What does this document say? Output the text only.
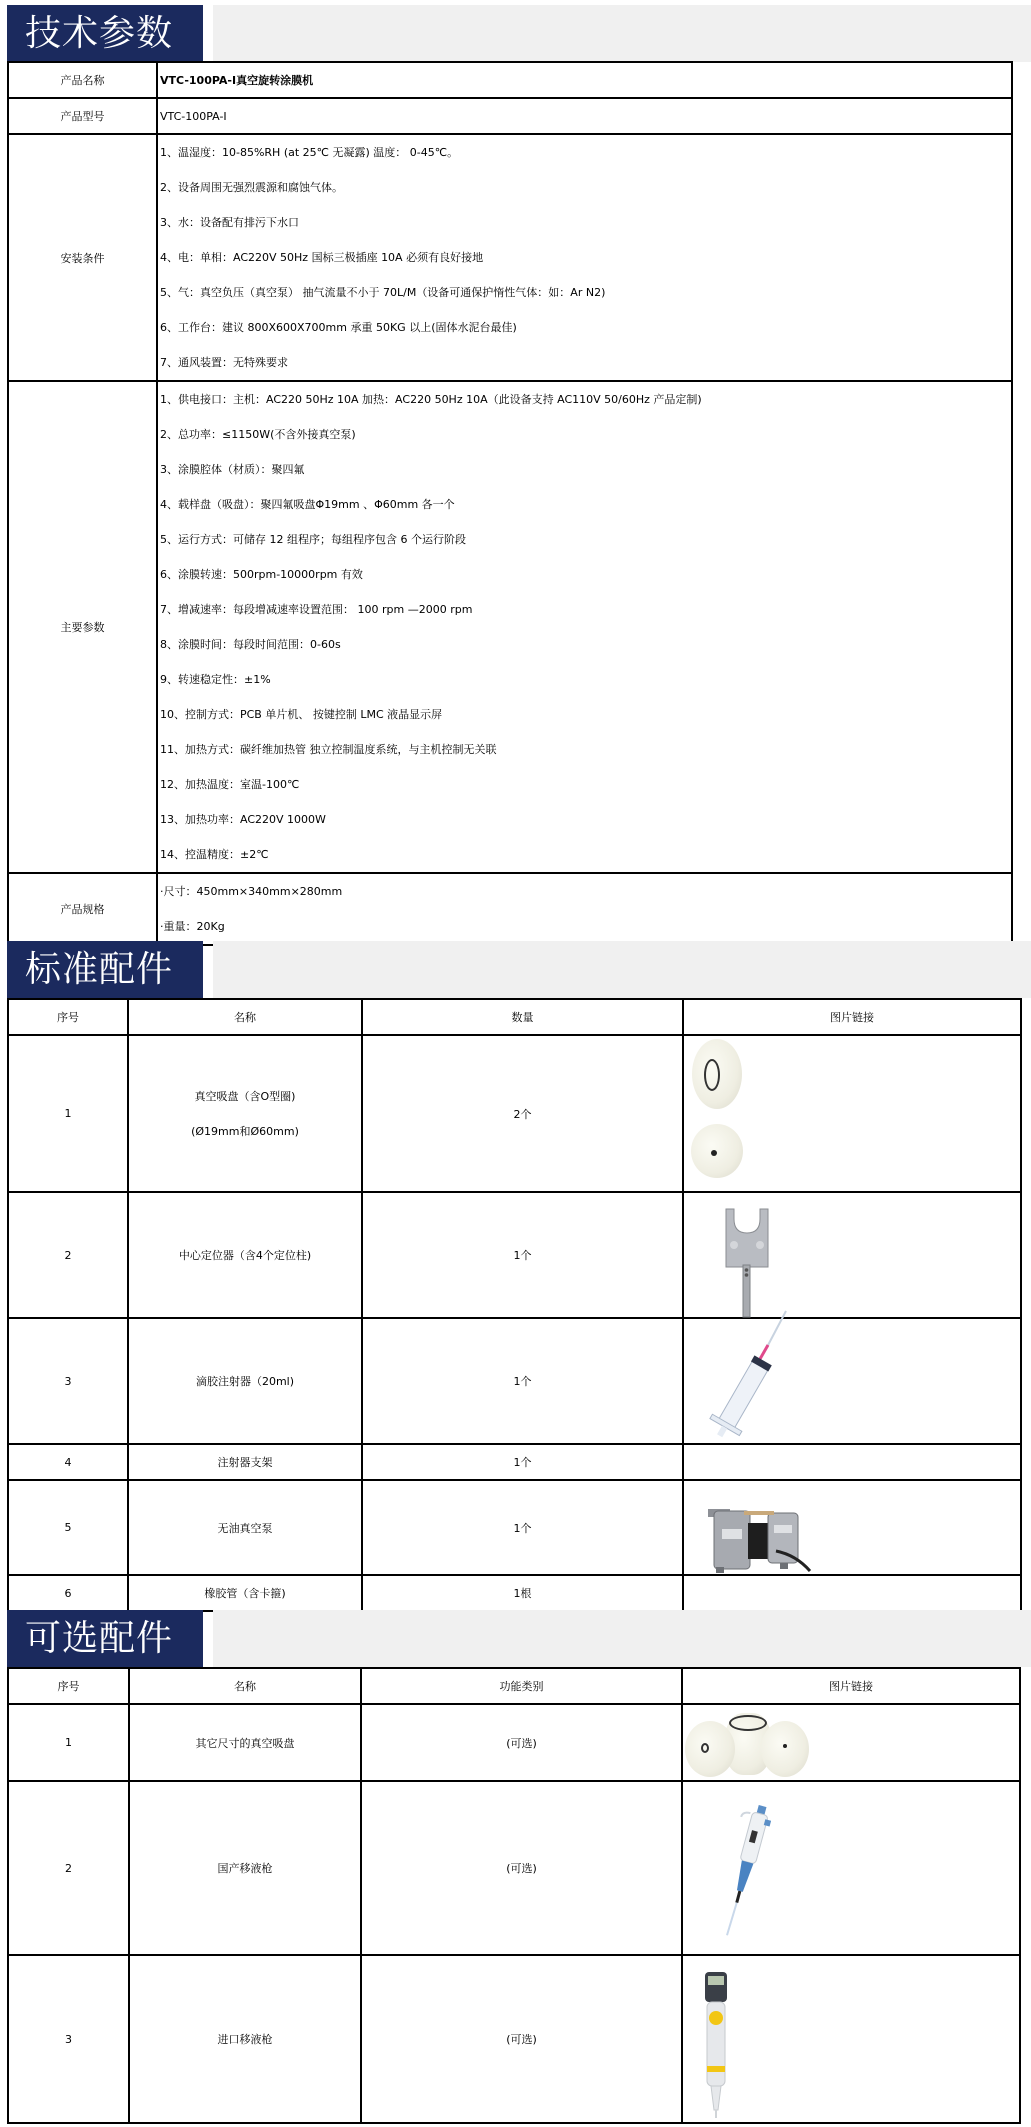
技术参数
产品名称	VTC-100PA-I真空旋转涂膜机
产品型号	VTC-100PA-I
安装条件	
1、温湿度：10-85%RH (at 25℃ 无凝露) 温度： 0-45℃。
2、设备周围无强烈震源和腐蚀气体。
3、水：设备配有排污下水口
4、电：单相：AC220V 50Hz 国标三极插座 10A 必须有良好接地
5、气：真空负压（真空泵） 抽气流量不小于 70L/M（设备可通保护惰性气体：如：Ar N2)
6、工作台：建议 800X600X700mm 承重 50KG 以上(固体水泥台最佳)
7、通风装置：无特殊要求

主要参数	
1、供电接口：主机：AC220 50Hz 10A 加热：AC220 50Hz 10A（此设备支持 AC110V 50/60Hz 产品定制)
2、总功率：≤1150W(不含外接真空泵)
3、涂膜腔体（材质）：聚四氟
4、载样盘（吸盘）：聚四氟吸盘Φ19mm 、Φ60mm 各一个
5、运行方式：可储存 12 组程序；每组程序包含 6 个运行阶段
6、涂膜转速：500rpm-10000rpm 有效
7、增减速率：每段增减速率设置范围： 100 rpm —2000 rpm
8、涂膜时间：每段时间范围：0-60s
9、转速稳定性：±1%
10、控制方式：PCB 单片机、 按键控制 LMC 液晶显示屏
11、加热方式：碳纤维加热管 独立控制温度系统，与主机控制无关联
12、加热温度：室温-100℃
13、加热功率：AC220V 1000W
14、控温精度：±2℃

产品规格	·尺寸：450mm×340mm×280mm
·重量：20Kg
标准配件
序号	名称	数量	图片链接
1	真空吸盘（含O型圈)
(Ø19mm和Ø60mm)	2个	

2	中心定位器（含4个定位柱)	1个	

3	滴胶注射器（20ml)	1个	

4	注射器支架	1个	
5	无油真空泵	1个	

6	橡胶管（含卡箍)	1根	
可选配件
序号	名称	功能类别	图片链接
1	其它尺寸的真空吸盘	(可选)	

2	国产移液枪	(可选)	

3	进口移液枪	(可选)	
